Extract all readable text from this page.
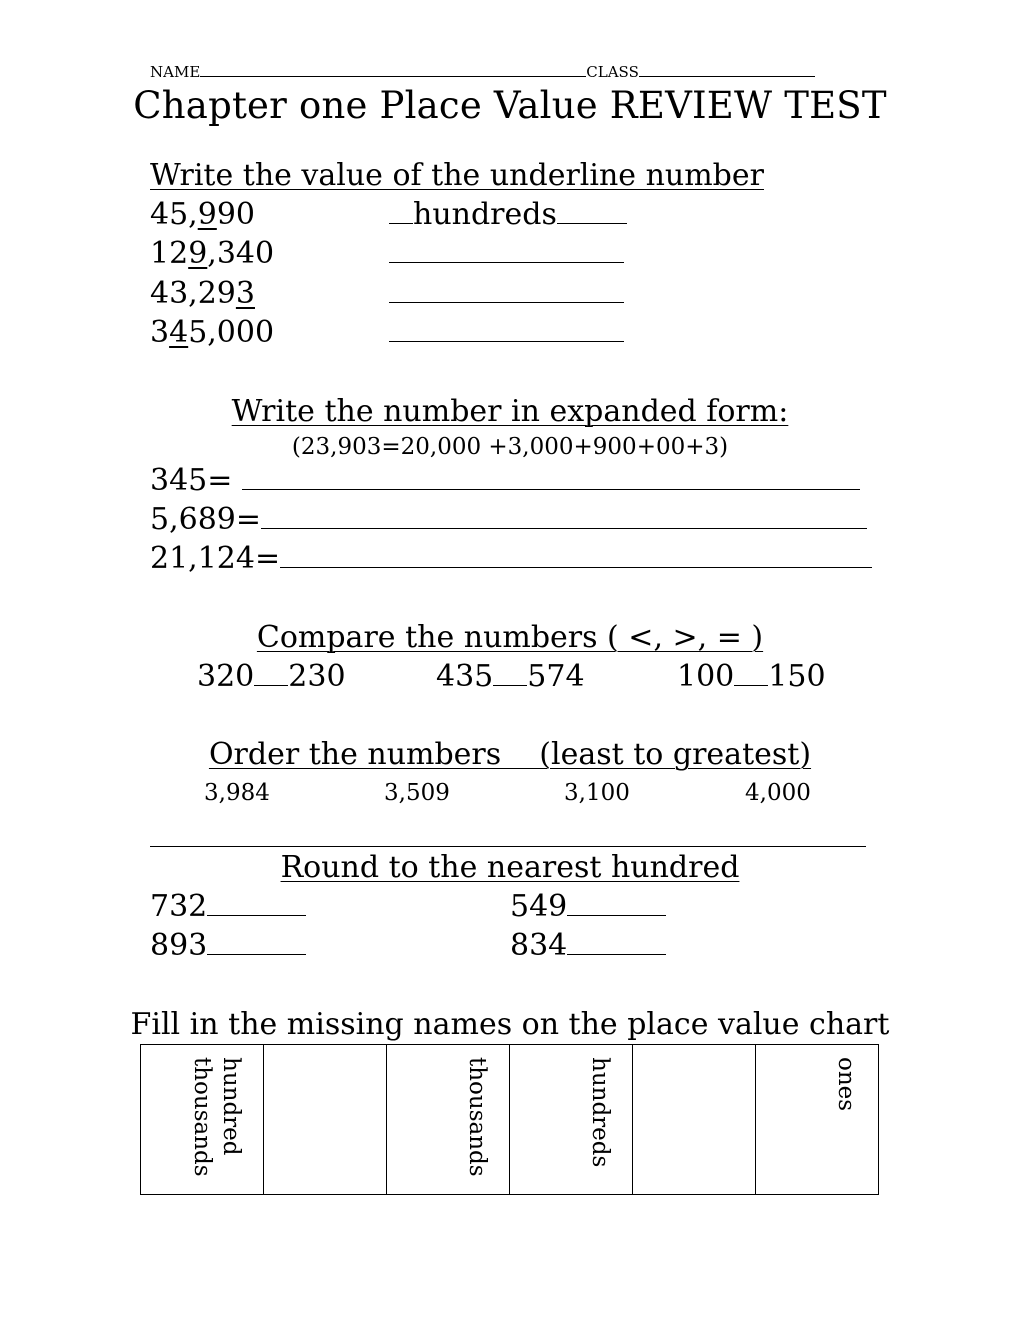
NAME	CLASS
Chapter one Place Value REVIEW TEST
Write the value of the underline number
45,990	hundreds
129,340
43,293
345,000
Write the number in expanded form:
(23,903=20,000 +3,000+900+00+3)
345=
5,689=
21,124=
Compare the numbers ( <, >, = )
320 230	435 574	100 150
Order the numbers    (least to greatest)
3,984	3,509	3,100	4,000
Round to the nearest hundred
732	549
893	834
Fill in the missing names on the place value chart
hundred thousands		thousands	hundreds		ones
